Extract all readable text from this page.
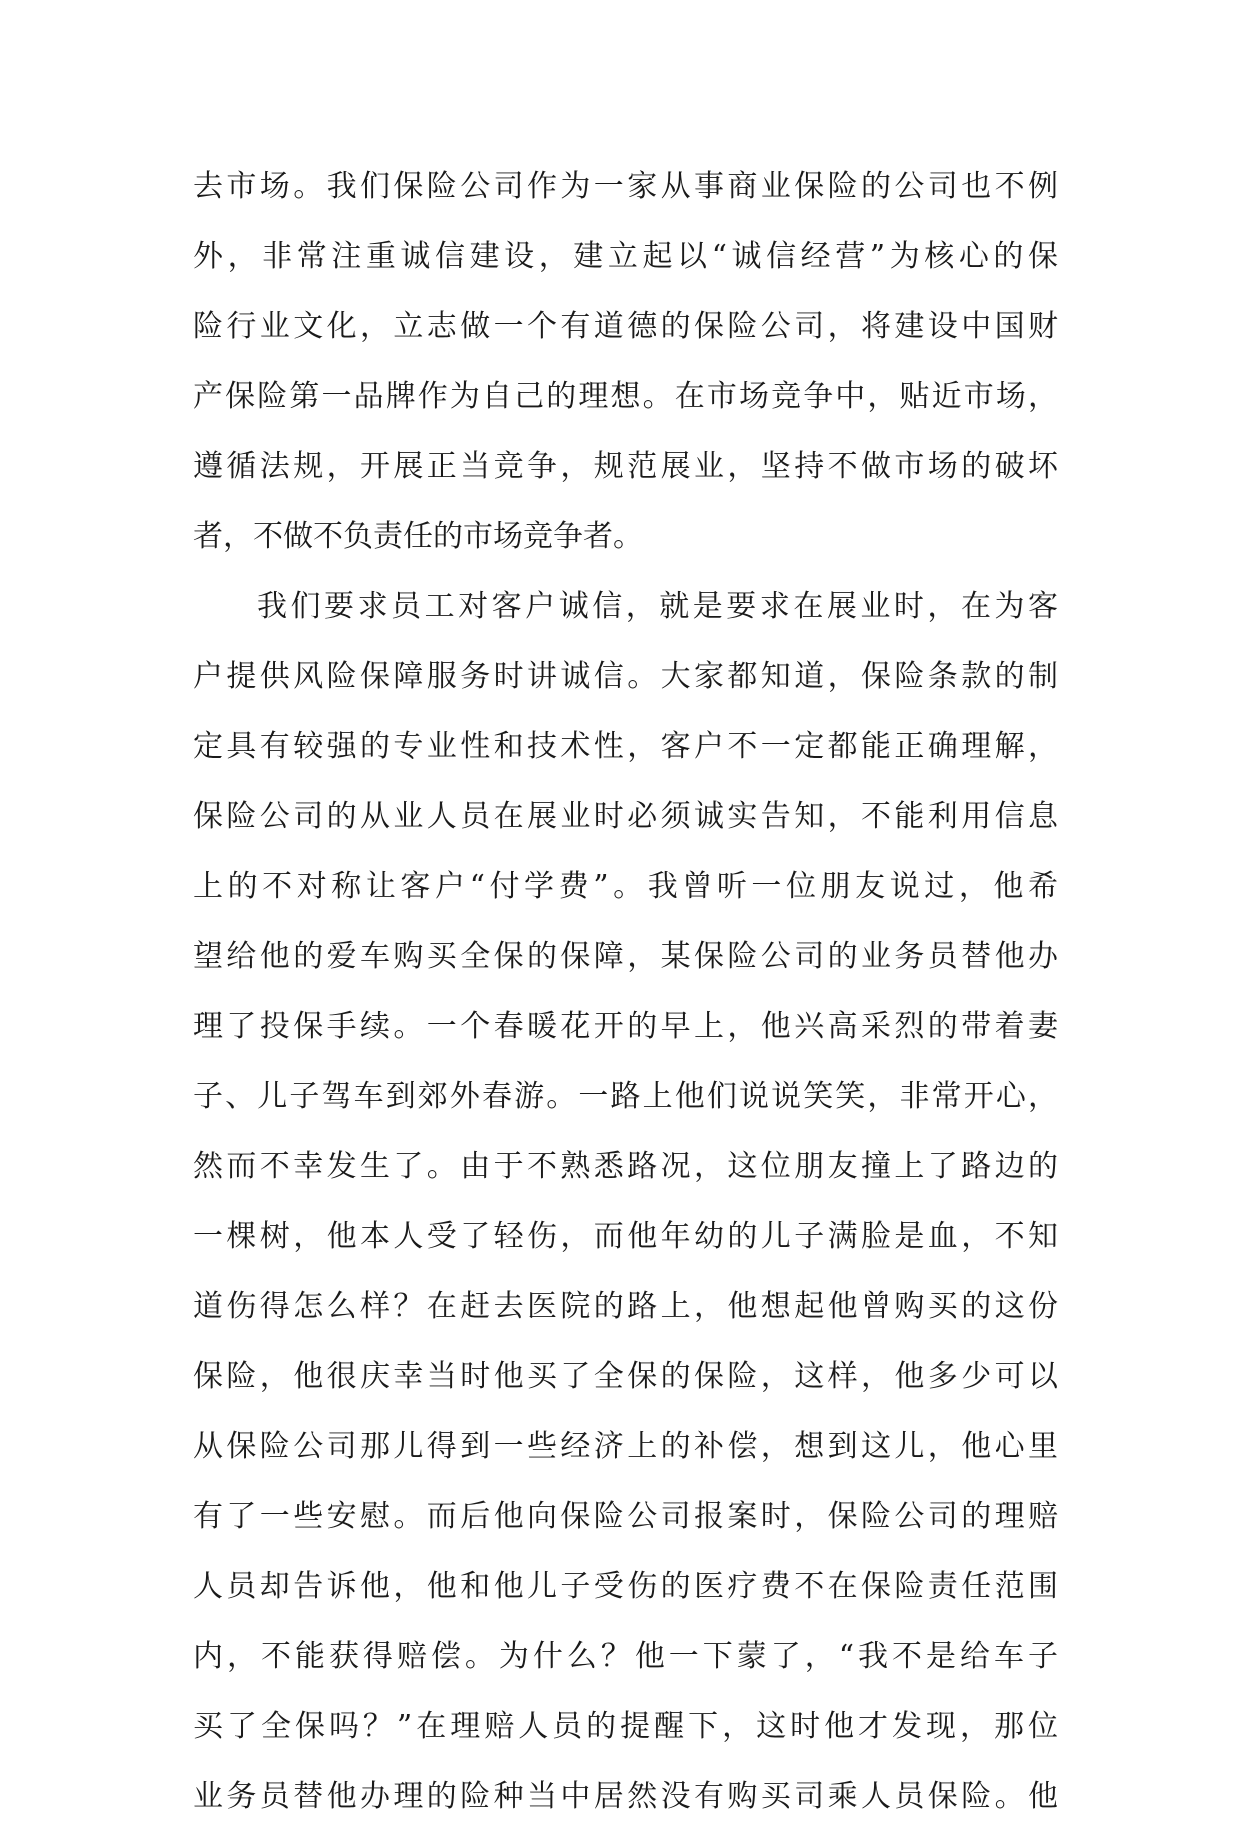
去市场。我们保险公司作为一家从事商业保险的公司也不例
外，非常注重诚信建设，建立起以“诚信经营”为核心的保
险行业文化，立志做一个有道德的保险公司，将建设中国财
产保险第一品牌作为自己的理想。在市场竞争中，贴近市场，
遵循法规，开展正当竞争，规范展业，坚持不做市场的破坏
者，不做不负责任的市场竞争者。
我们要求员工对客户诚信，就是要求在展业时，在为客
户提供风险保障服务时讲诚信。大家都知道，保险条款的制
定具有较强的专业性和技术性，客户不一定都能正确理解，
保险公司的从业人员在展业时必须诚实告知，不能利用信息
上的不对称让客户“付学费”。我曾听一位朋友说过，他希
望给他的爱车购买全保的保障，某保险公司的业务员替他办
理了投保手续。一个春暖花开的早上，他兴高采烈的带着妻
子、儿子驾车到郊外春游。一路上他们说说笑笑，非常开心，
然而不幸发生了。由于不熟悉路况，这位朋友撞上了路边的
一棵树，他本人受了轻伤，而他年幼的儿子满脸是血，不知
道伤得怎么样？在赶去医院的路上，他想起他曾购买的这份
保险，他很庆幸当时他买了全保的保险，这样，他多少可以
从保险公司那儿得到一些经济上的补偿，想到这儿，他心里
有了一些安慰。而后他向保险公司报案时，保险公司的理赔
人员却告诉他，他和他儿子受伤的医疗费不在保险责任范围
内，不能获得赔偿。为什么？他一下蒙了，“我不是给车子
买了全保吗？”在理赔人员的提醒下，这时他才发现，那位
业务员替他办理的险种当中居然没有购买司乘人员保险。他
